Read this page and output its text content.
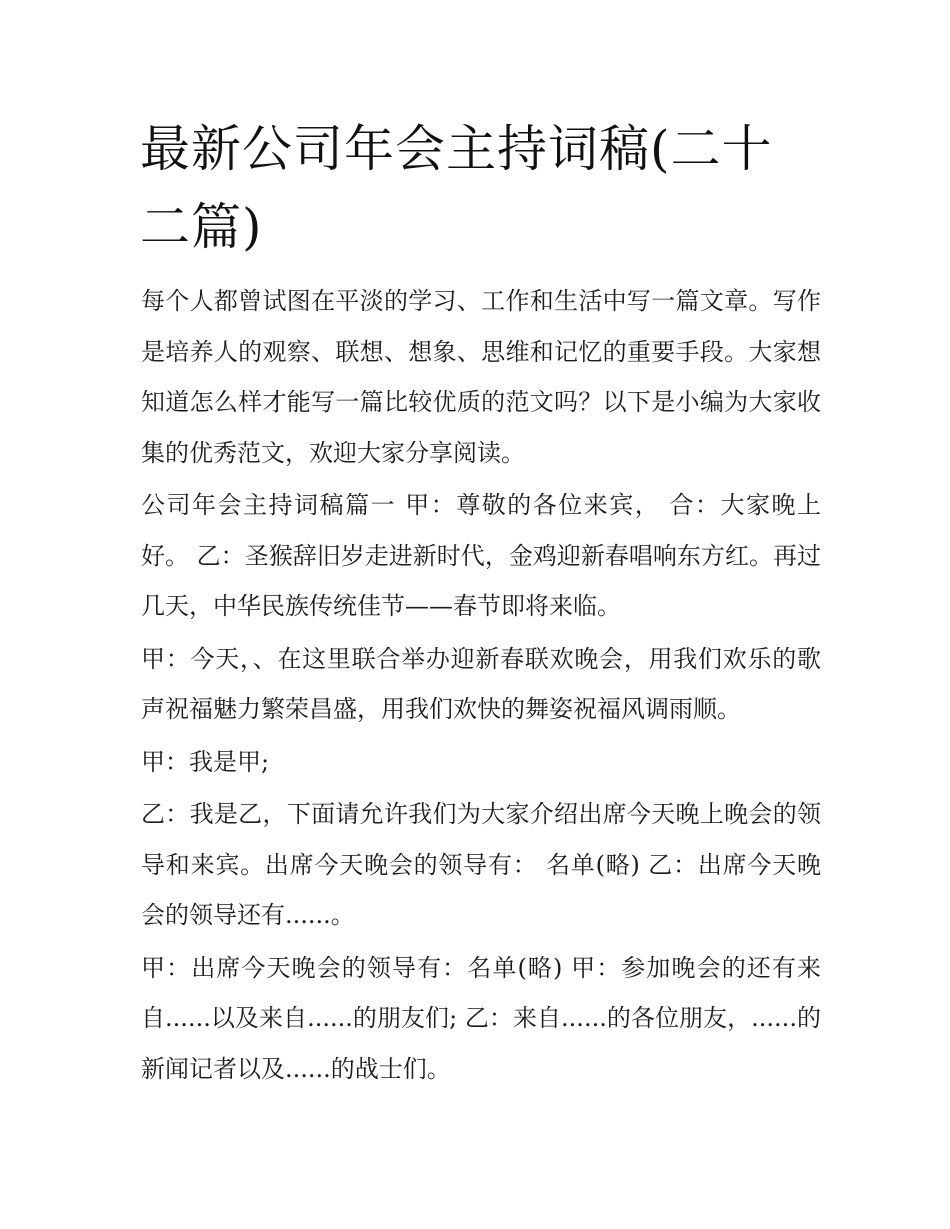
最新公司年会主持词稿(二十二篇)

每个人都曾试图在平淡的学习、工作和生活中写一篇文章。写作是培养人的观察、联想、想象、思维和记忆的重要手段。大家想知道怎么样才能写一篇比较优质的范文吗？以下是小编为大家收集的优秀范文，欢迎大家分享阅读。

公司年会主持词稿篇一 甲：尊敬的各位来宾， 合：大家晚上好。 乙：圣猴辞旧岁走进新时代，金鸡迎新春唱响东方红。再过几天，中华民族传统佳节——春节即将来临。

甲：今天，、在这里联合举办迎新春联欢晚会，用我们欢乐的歌声祝福魅力繁荣昌盛，用我们欢快的舞姿祝福风调雨顺。

甲：我是甲;

乙：我是乙，下面请允许我们为大家介绍出席今天晚上晚会的领导和来宾。出席今天晚会的领导有： 名单(略) 乙：出席今天晚会的领导还有......。

甲：出席今天晚会的领导有：名单(略) 甲：参加晚会的还有来自......以及来自......的朋友们; 乙：来自......的各位朋友，......的新闻记者以及......的战士们。
